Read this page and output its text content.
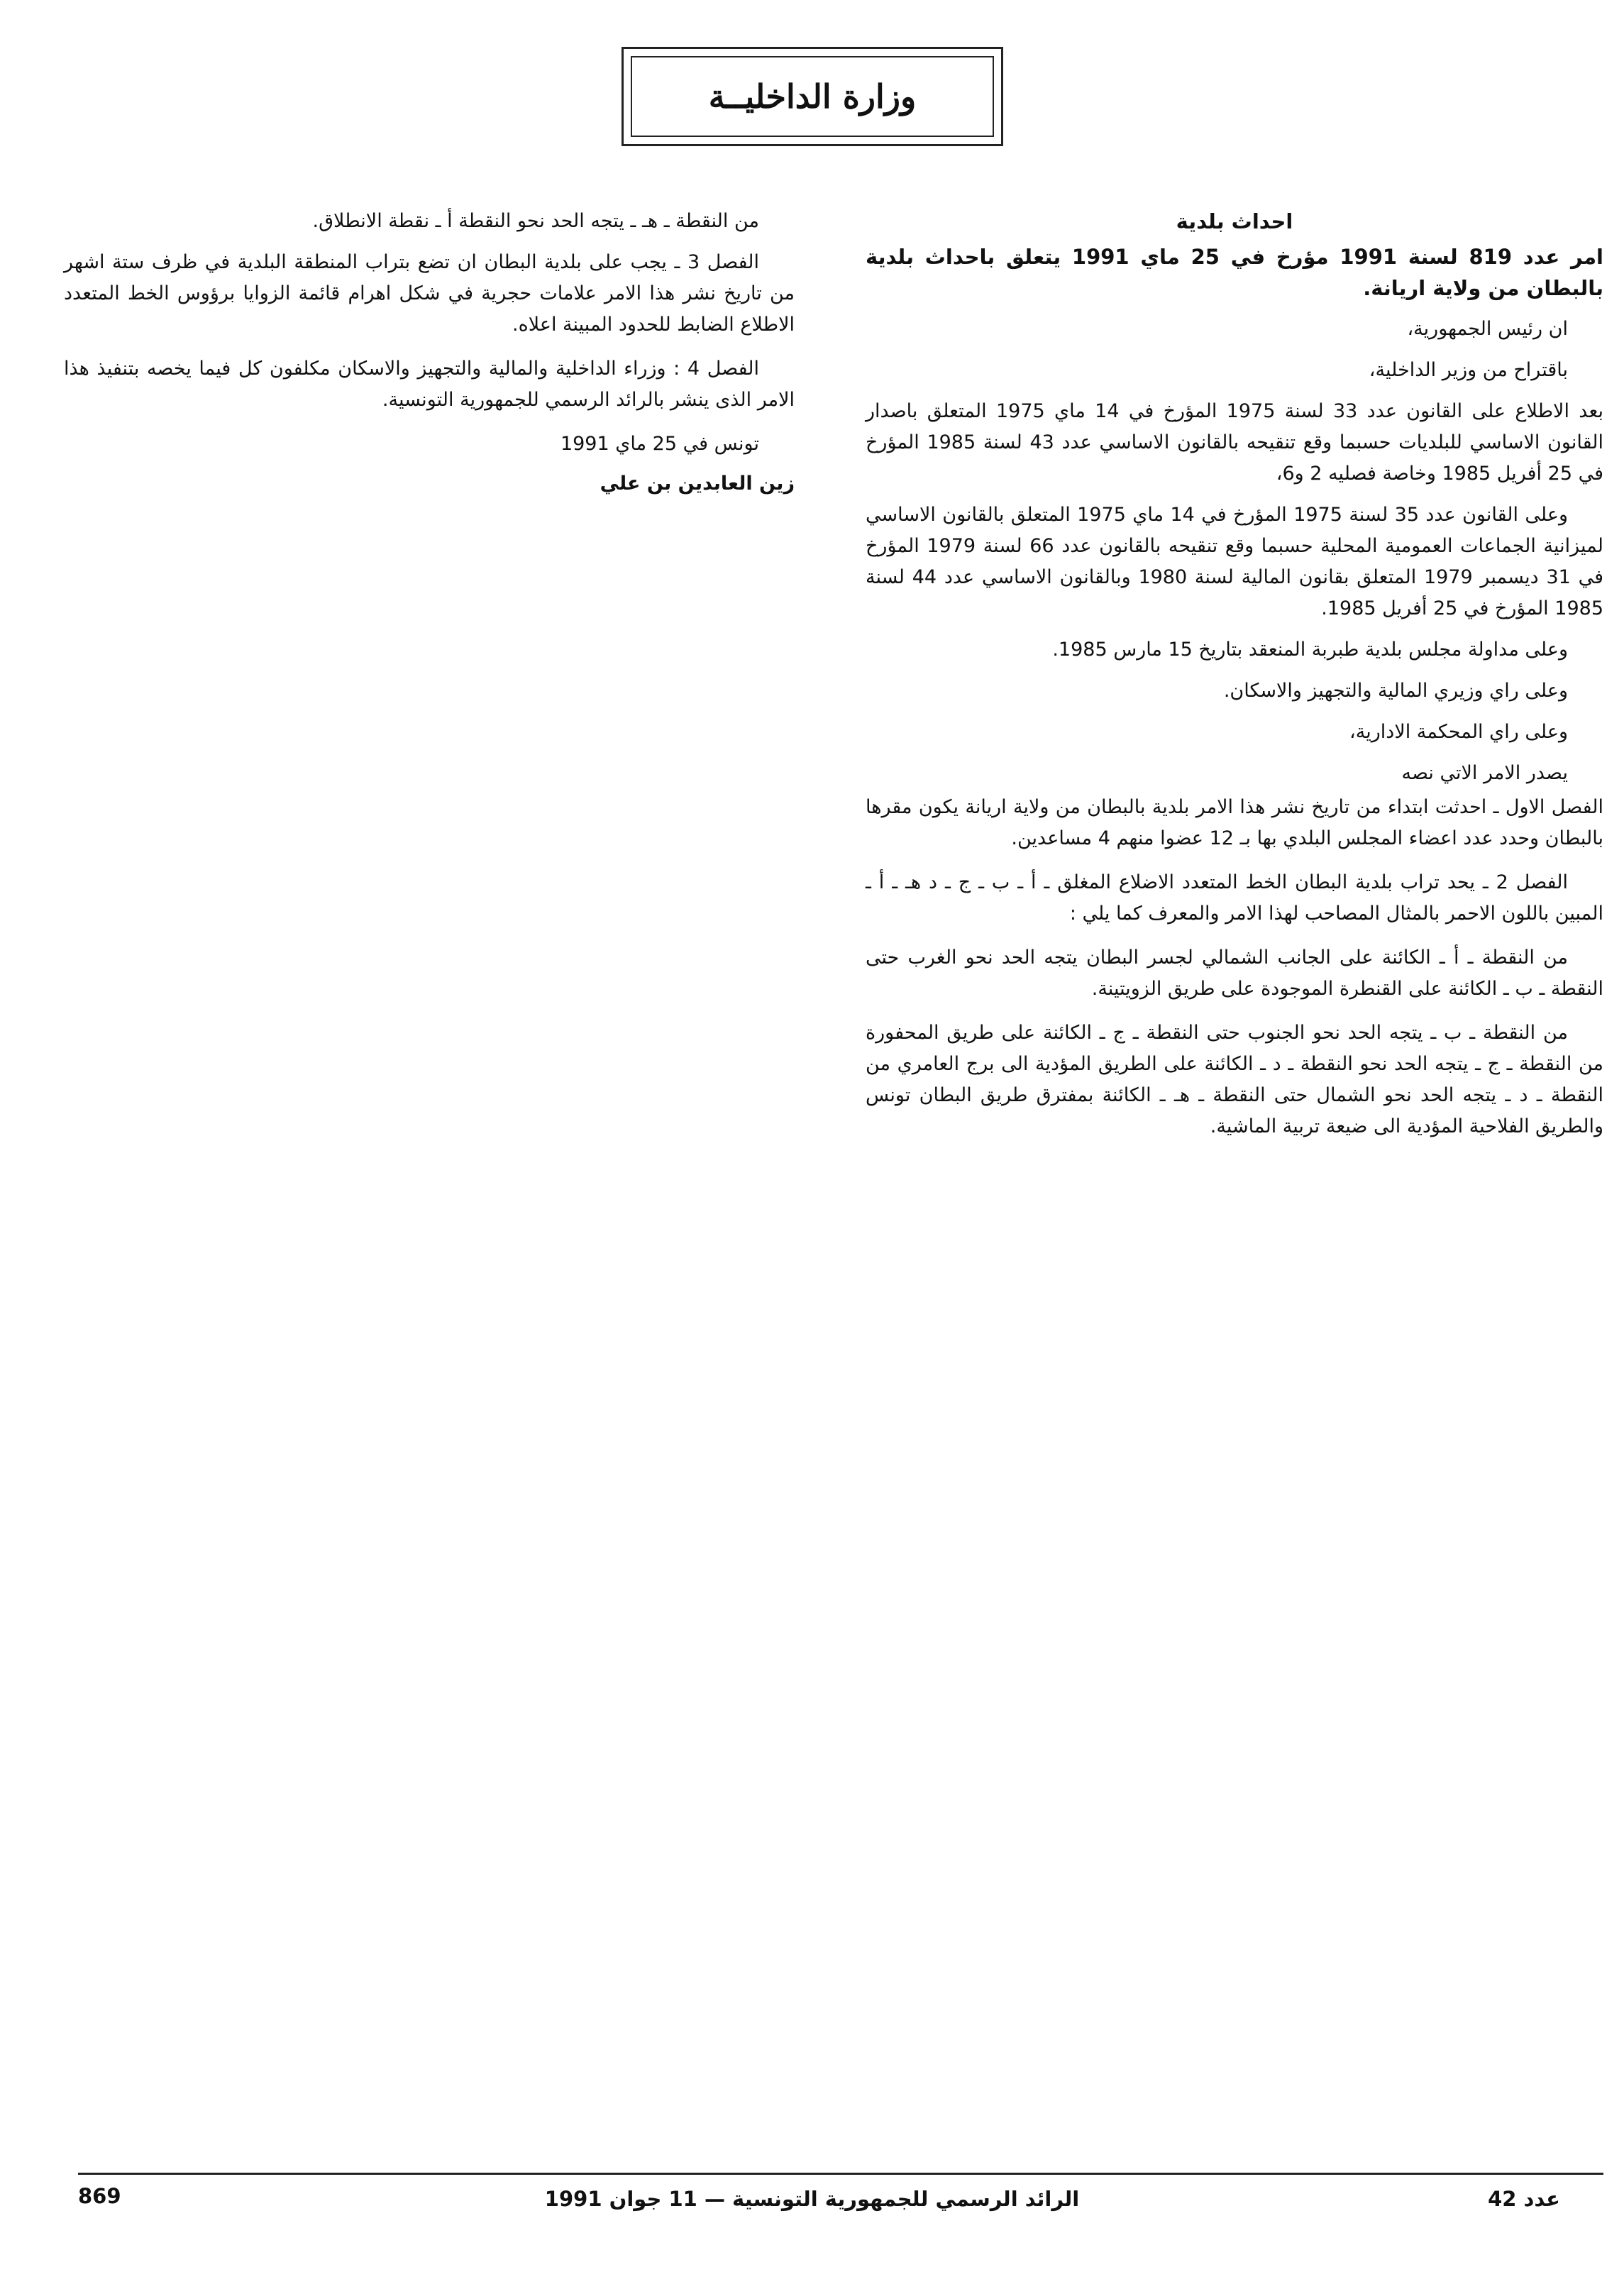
وزارة الداخليــة

احداث بلدية

امر عدد 819 لسنة 1991 مؤرخ في 25 ماي 1991 يتعلق باحداث بلدية بالبطان من ولاية اريانة.

ان رئيس الجمهورية،

باقتراح من وزير الداخلية،

بعد الاطلاع على القانون عدد 33 لسنة 1975 المؤرخ في 14 ماي 1975 المتعلق باصدار القانون الاساسي للبلديات حسبما وقع تنقيحه بالقانون الاساسي عدد 43 لسنة 1985 المؤرخ في 25 أفريل 1985 وخاصة فصليه 2 و6،

وعلى القانون عدد 35 لسنة 1975 المؤرخ في 14 ماي 1975 المتعلق بالقانون الاساسي لميزانية الجماعات العمومية المحلية حسبما وقع تنقيحه بالقانون عدد 66 لسنة 1979 المؤرخ في 31 ديسمبر 1979 المتعلق بقانون المالية لسنة 1980 وبالقانون الاساسي عدد 44 لسنة 1985 المؤرخ في 25 أفريل 1985.

وعلى مداولة مجلس بلدية طبربة المنعقد بتاريخ 15 مارس 1985.

وعلى راي وزيري المالية والتجهيز والاسكان.

وعلى راي المحكمة الادارية،

يصدر الامر الاتي نصه

الفصل الاول ـ احدثت ابتداء من تاريخ نشر هذا الامر بلدية بالبطان من ولاية اريانة يكون مقرها بالبطان وحدد عدد اعضاء المجلس البلدي بها بـ 12 عضوا منهم 4 مساعدين.

الفصل 2 ـ يحد تراب بلدية البطان الخط المتعدد الاضلاع المغلق ـ أ ـ ب ـ ج ـ د هـ ـ أ ـ المبين باللون الاحمر بالمثال المصاحب لهذا الامر والمعرف كما يلي :

من النقطة ـ أ ـ الكائنة على الجانب الشمالي لجسر البطان يتجه الحد نحو الغرب حتى النقطة ـ ب ـ الكائنة على القنطرة الموجودة على طريق الزويتينة.

من النقطة ـ ب ـ يتجه الحد نحو الجنوب حتى النقطة ـ ج ـ الكائنة على طريق المحفورة من النقطة ـ ج ـ يتجه الحد نحو النقطة ـ د ـ الكائنة على الطريق المؤدية الى برج العامري من النقطة ـ د ـ يتجه الحد نحو الشمال حتى النقطة ـ هـ ـ الكائنة بمفترق طريق البطان تونس والطريق الفلاحية المؤدية الى ضيعة تربية الماشية.

من النقطة ـ هـ ـ يتجه الحد نحو النقطة أ ـ نقطة الانطلاق.

الفصل 3 ـ يجب على بلدية البطان ان تضع بتراب المنطقة البلدية في ظرف ستة اشهر من تاريخ نشر هذا الامر علامات حجرية في شكل اهرام قائمة الزوايا برؤوس الخط المتعدد الاطلاع الضابط للحدود المبينة اعلاه.

الفصل 4 : وزراء الداخلية والمالية والتجهيز والاسكان مكلفون كل فيما يخصه بتنفيذ هذا الامر الذى ينشر بالرائد الرسمي للجمهورية التونسية.

تونس في 25 ماي 1991

زين العابدين بن علي

عدد 42
الرائد الرسمي للجمهورية التونسية — 11 جوان 1991
869
